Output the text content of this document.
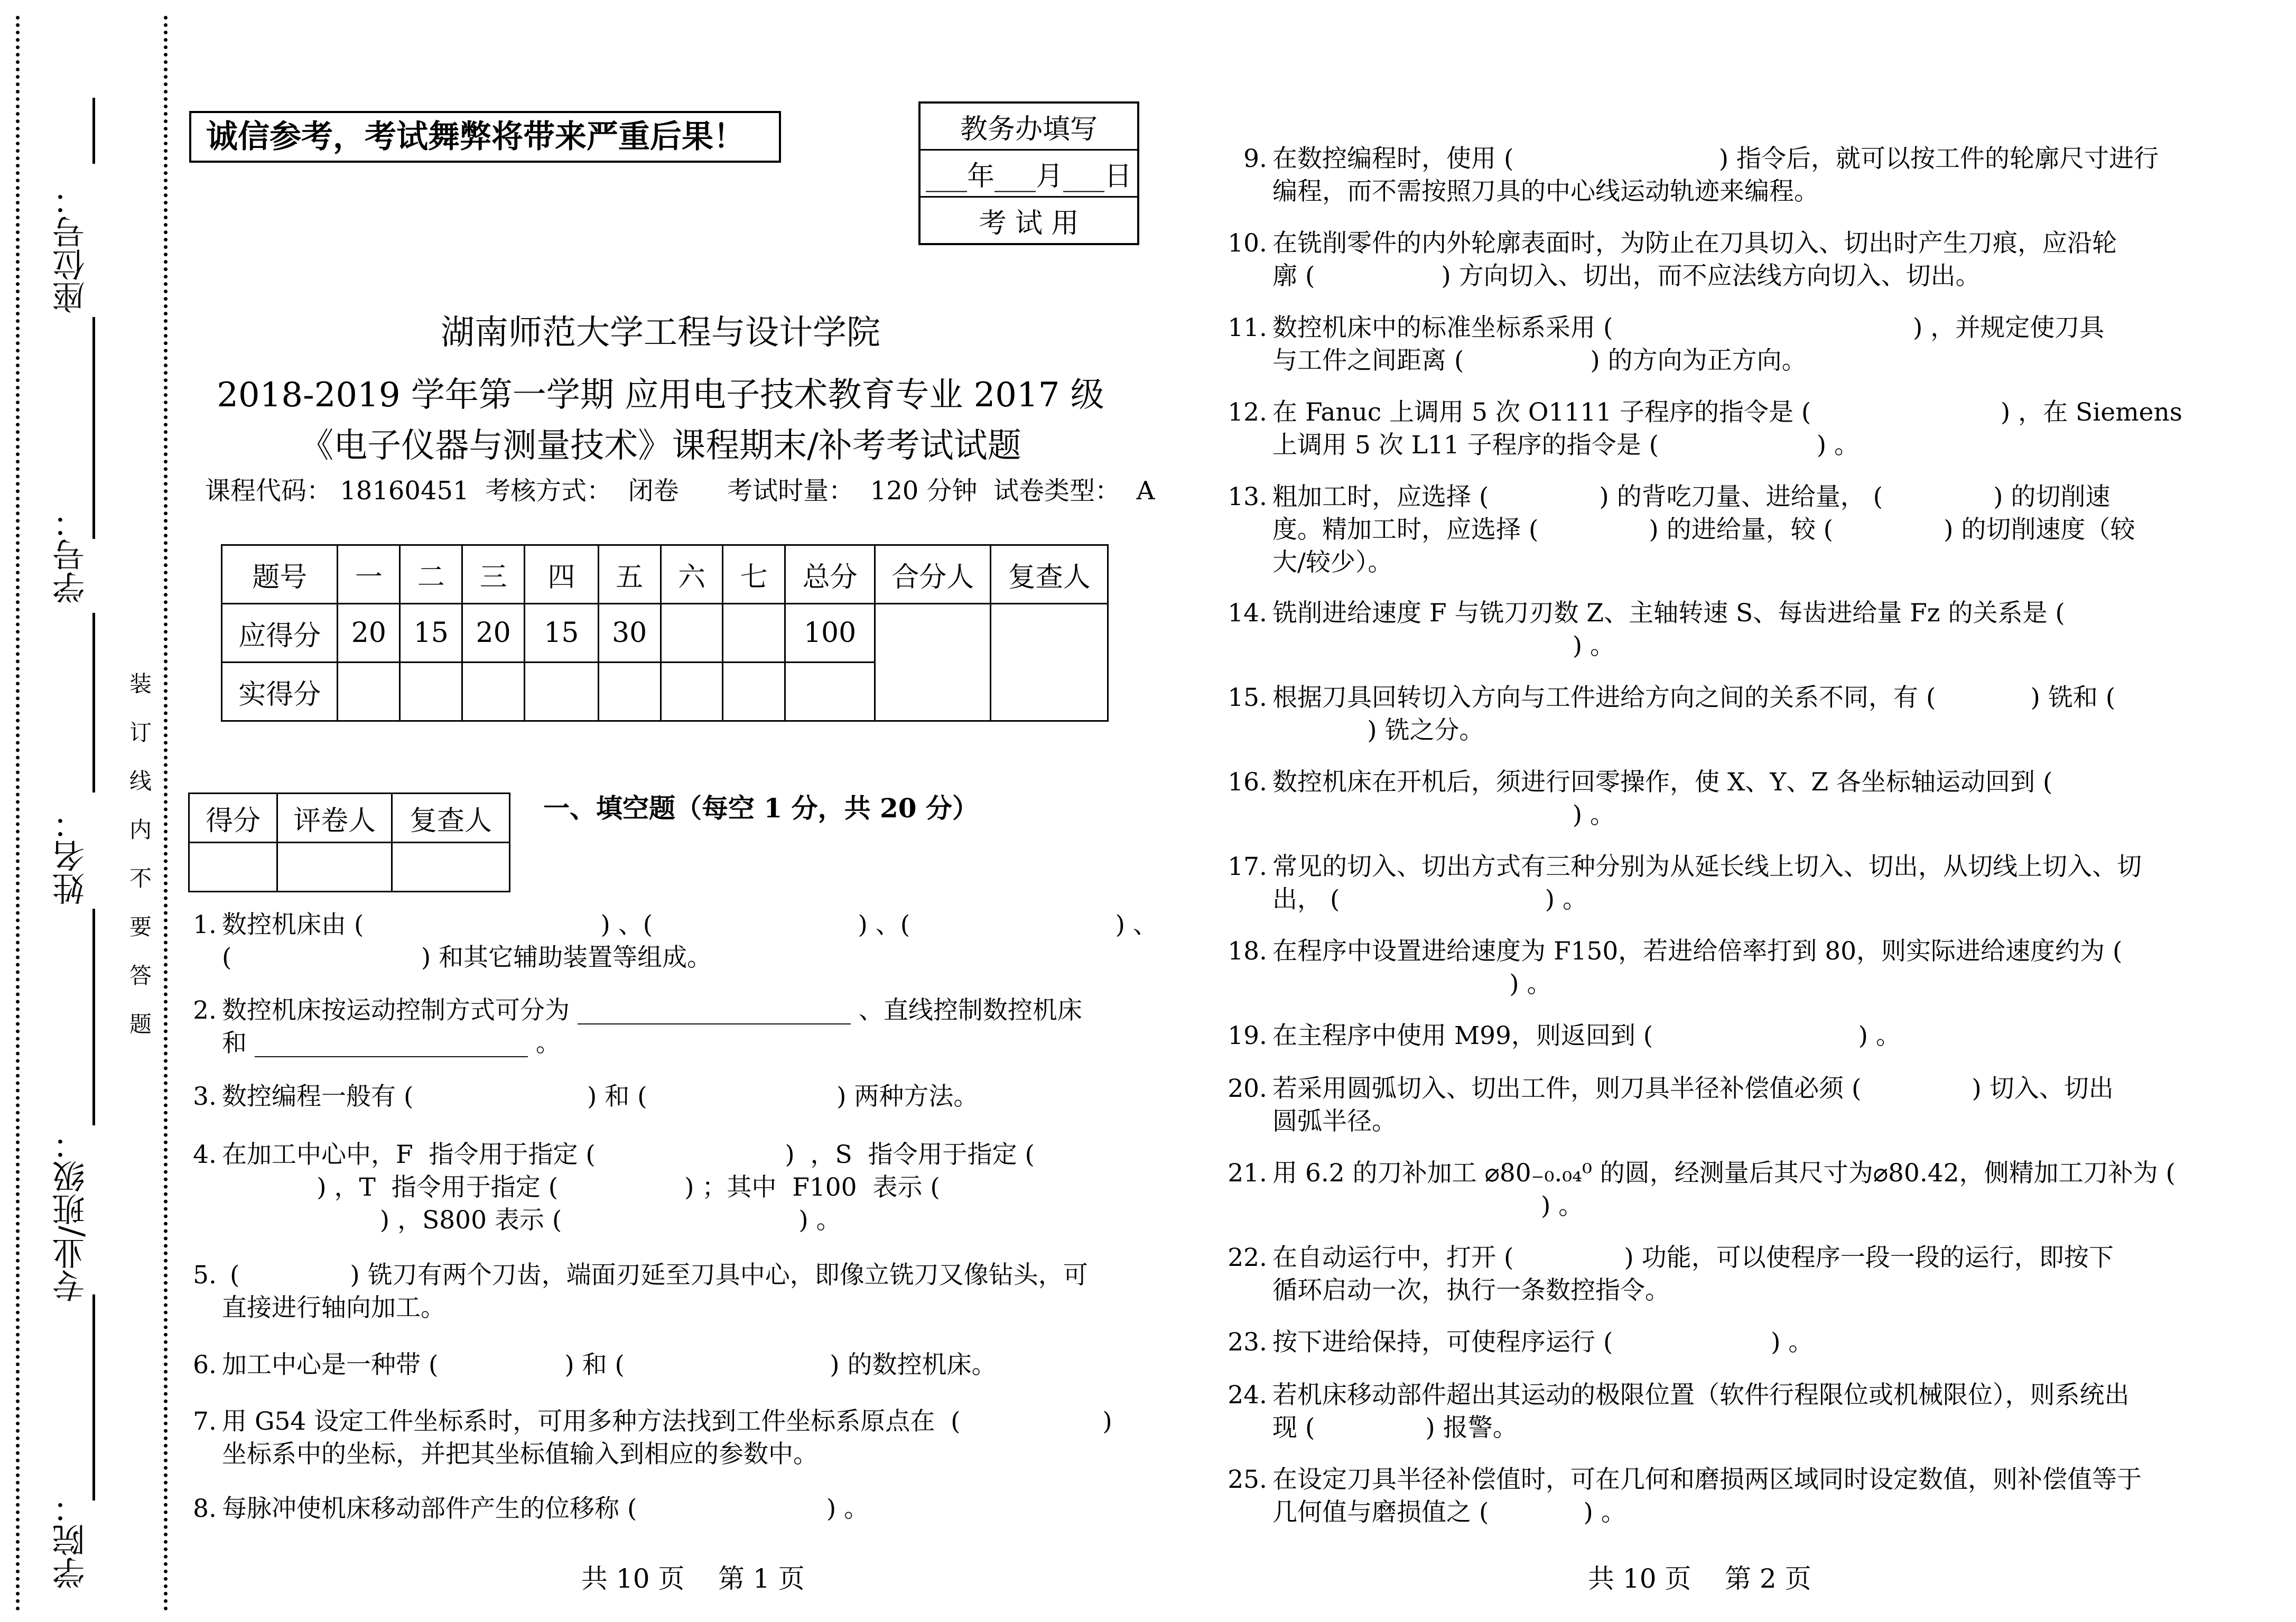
座位号：
学号：
姓名：
专业/班级：
学院：
装订线内不要答题
诚信参考，考试舞弊将带来严重后果！	教务办填写
___年___月___日
考 试 用
湖南师范大学工程与设计学院
2018-2019 学年第一学期 应用电子技术教育专业 2017 级
《电子仪器与测量技术》课程期末/补考考试试题
课程代码： 18160451  考核方式：  闭卷      考试时量：  120 分钟  试卷类型：  A
题号	一	二	三	四	五	六	七	总分	合分人	复查人
应得分	20	15	20	15	30			100		
实得分										
得分	评卷人	复查人
		一、填空题（每空 1 分，共 20 分）
1. 数控机床由 (                              ) 、(                          ) 、(                          ) 、
(                        ) 和其它辅助装置等组成。
2. 数控机床按运动控制方式可分为 ______________________ 、直线控制数控机床
和 ______________________ 。
3. 数控编程一般有 (                      ) 和 (                        ) 两种方法。
4. 在加工中心中，F  指令用于指定 (                        )  ，S  指令用于指定 (
) ，T  指令用于指定 (                ) ；其中  F100  表示 (
) ，S800 表示 (                              ) 。
5. (              ) 铣刀有两个刀齿，端面刃延至刀具中心，即像立铣刀又像钻头，可
直接进行轴向加工。
6. 加工中心是一种带 (                ) 和 (                          ) 的数控机床。
7. 用 G54 设定工件坐标系时，可用多种方法找到工件坐标系原点在  (                  )
坐标系中的坐标，并把其坐标值输入到相应的参数中。
8. 每脉冲使机床移动部件产生的位移称 (                        ) 。
9. 在数控编程时，使用 (                          ) 指令后，就可以按工件的轮廓尺寸进行
编程，而不需按照刀具的中心线运动轨迹来编程。
10. 在铣削零件的内外轮廓表面时，为防止在刀具切入、切出时产生刀痕，应沿轮
廓 (                ) 方向切入、切出，而不应法线方向切入、切出。
11. 数控机床中的标准坐标系采用 (                                      ) ，并规定使刀具
与工件之间距离 (                ) 的方向为正方向。
12. 在 Fanuc 上调用 5 次 O1111 子程序的指令是 (                        ) ，在 Siemens
上调用 5 次 L11 子程序的指令是 (                    ) 。
13. 粗加工时，应选择 (              ) 的背吃刀量、进给量， (              ) 的切削速
度。精加工时，应选择 (              ) 的进给量，较 (              ) 的切削速度（较
大/较少）。
14. 铣削进给速度 F 与铣刀刃数 Z、主轴转速 S、每齿进给量 Fz 的关系是 (
) 。
15. 根据刀具回转切入方向与工件进给方向之间的关系不同，有 (            ) 铣和 (
) 铣之分。
16. 数控机床在开机后，须进行回零操作，使 X、Y、Z 各坐标轴运动回到 (
) 。
17. 常见的切入、切出方式有三种分别为从延长线上切入、切出，从切线上切入、切
出， (                          ) 。
18. 在程序中设置进给速度为 F150，若进给倍率打到 80，则实际进给速度约为 (
) 。
19. 在主程序中使用 M99，则返回到 (                          ) 。
20. 若采用圆弧切入、切出工件，则刀具半径补偿值必须 (              ) 切入、切出
圆弧半径。
21. 用 6.2 的刀补加工 ⌀80₋₀.₀₄⁰ 的圆，经测量后其尺寸为⌀80.42，侧精加工刀补为 (
) 。
22. 在自动运行中，打开 (              ) 功能，可以使程序一段一段的运行，即按下
循环启动一次，执行一条数控指令。
23. 按下进给保持，可使程序运行 (                    ) 。
24. 若机床移动部件超出其运动的极限位置（软件行程限位或机械限位），则系统出
现 (              ) 报警。
25. 在设定刀具半径补偿值时，可在几何和磨损两区域同时设定数值，则补偿值等于
几何值与磨损值之 (            ) 。
共 10 页    第 1 页	共 10 页    第 2 页
